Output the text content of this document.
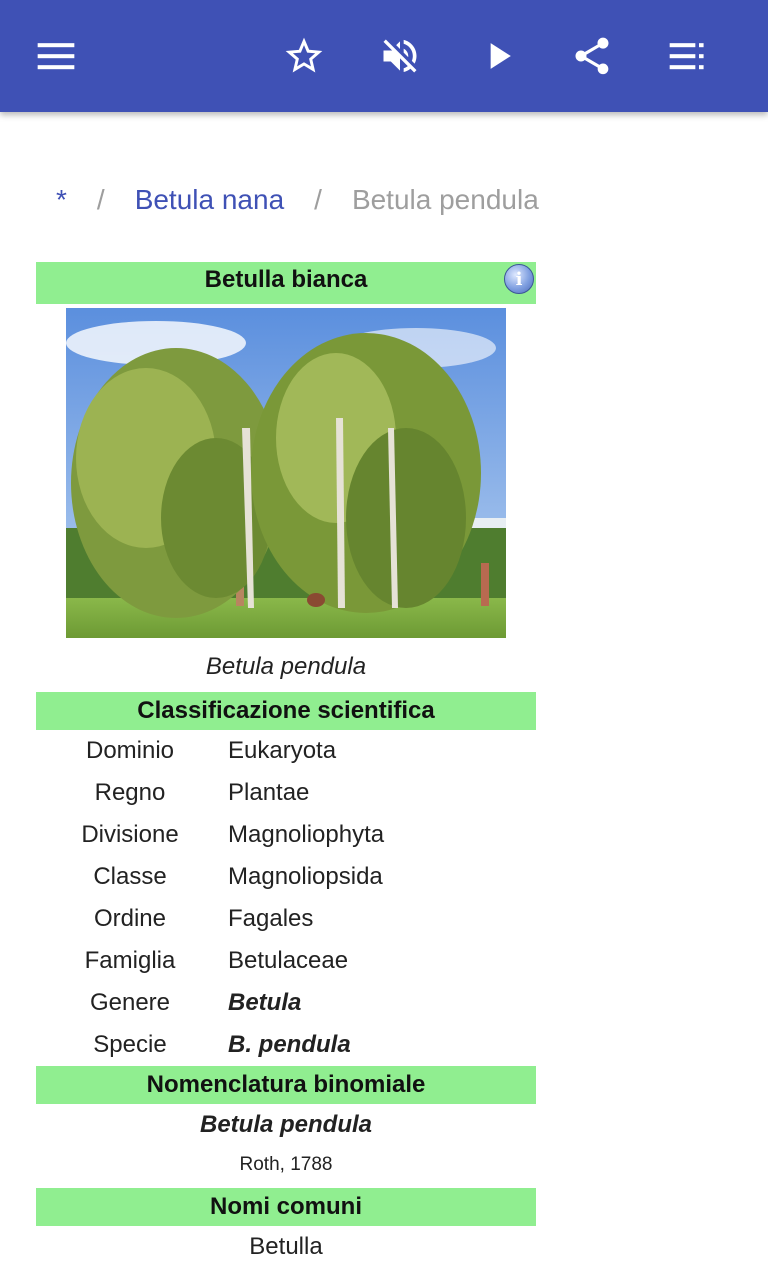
* / Betula nana / Betula pendula
Betulla bianca	i
Betula pendula
Classificazione scientifica
Dominio	Eukaryota
Regno	Plantae
Divisione	Magnoliophyta
Classe	Magnoliopsida
Ordine	Fagales
Famiglia	Betulaceae
Genere	Betula
Specie	B. pendula
Nomenclatura binomiale
Betula pendula
Roth, 1788
Nomi comuni
Betulla
